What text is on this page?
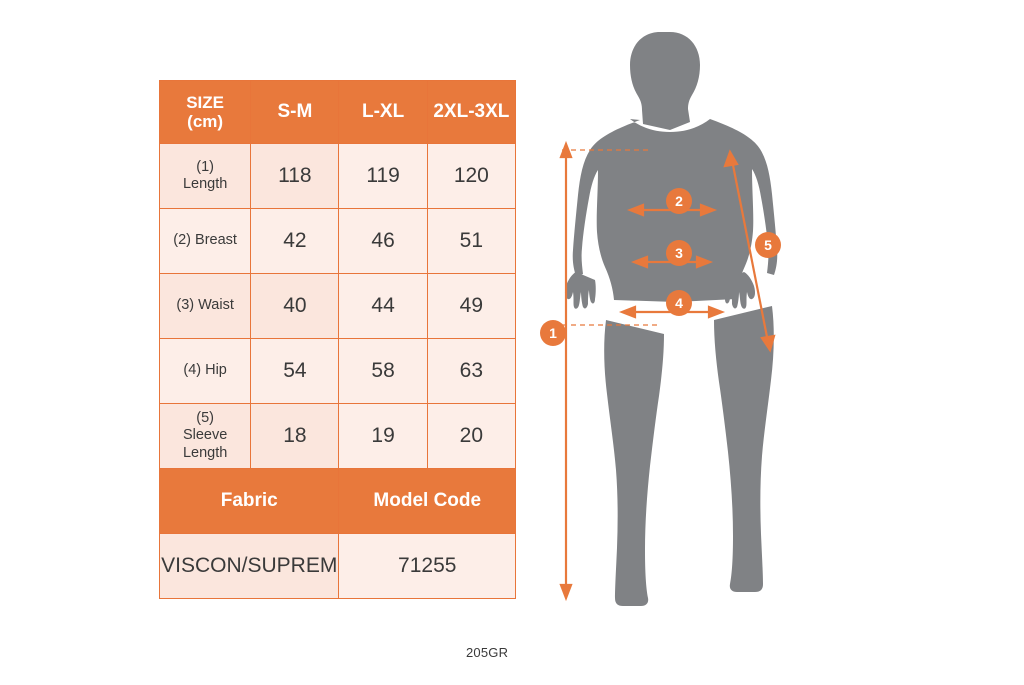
SIZE
(cm)	S-M	L-XL	2XL-3XL

(1)
Length	118	119	120

(2) Breast	42	46	51

(3) Waist	40	44	49

(4) Hip	54	58	63

(5)
Sleeve Length	18	19	20
Fabric		Model Code	
VISCON/SUPREM		71255	
205GR
1
2
3
4
5
